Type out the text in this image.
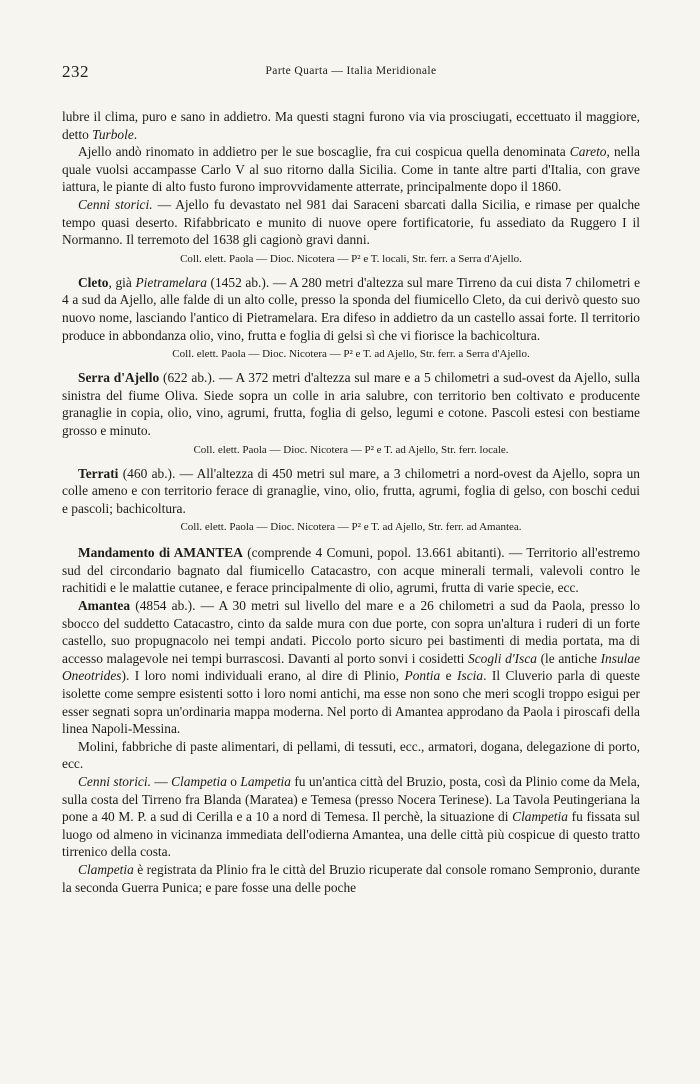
232	Parte Quarta — Italia Meridionale

lubre il clima, puro e sano in addietro. Ma questi stagni furono via via prosciugati, eccettuato il maggiore, detto Turbole.

Ajello andò rinomato in addietro per le sue boscaglie, fra cui cospicua quella denominata Careto, nella quale vuolsi accampasse Carlo V al suo ritorno dalla Sicilia. Come in tante altre parti d'Italia, con grave iattura, le piante di alto fusto furono improvvidamente atterrate, principalmente dopo il 1860.

Cenni storici. — Ajello fu devastato nel 981 dai Saraceni sbarcati dalla Sicilia, e rimase per qualche tempo quasi deserto. Rifabbricato e munito di nuove opere fortificatorie, fu assediato da Ruggero I il Normanno. Il terremoto del 1638 gli cagionò gravi danni.

Coll. elett. Paola — Dioc. Nicotera — P² e T. locali, Str. ferr. a Serra d'Ajello.

Cleto, già Pietramelara (1452 ab.). — A 280 metri d'altezza sul mare Tirreno da cui dista 7 chilometri e 4 a sud da Ajello, alle falde di un alto colle, presso la sponda del fiumicello Cleto, da cui derivò questo suo nuovo nome, lasciando l'antico di Pietramelara. Era difeso in addietro da un castello assai forte. Il territorio produce in abbondanza olio, vino, frutta e foglia di gelsi sì che vi fiorisce la bachicoltura.

Coll. elett. Paola — Dioc. Nicotera — P² e T. ad Ajello, Str. ferr. a Serra d'Ajello.

Serra d'Ajello (622 ab.). — A 372 metri d'altezza sul mare e a 5 chilometri a sud-ovest da Ajello, sulla sinistra del fiume Oliva. Siede sopra un colle in aria salubre, con territorio ben coltivato e producente granaglie in copia, olio, vino, agrumi, frutta, foglia di gelso, legumi e cotone. Pascoli estesi con bestiame grosso e minuto.

Coll. elett. Paola — Dioc. Nicotera — P² e T. ad Ajello, Str. ferr. locale.

Terrati (460 ab.). — All'altezza di 450 metri sul mare, a 3 chilometri a nord-ovest da Ajello, sopra un colle ameno e con territorio ferace di granaglie, vino, olio, frutta, agrumi, foglia di gelso, con boschi cedui e pascoli; bachicoltura.

Coll. elett. Paola — Dioc. Nicotera — P² e T. ad Ajello, Str. ferr. ad Amantea.

Mandamento di AMANTEA (comprende 4 Comuni, popol. 13.661 abitanti). — Territorio all'estremo sud del circondario bagnato dal fiumicello Catacastro, con acque minerali termali, valevoli contro le rachitidi e le malattie cutanee, e ferace principalmente di olio, agrumi, frutta di varie specie, ecc.

Amantea (4854 ab.). — A 30 metri sul livello del mare e a 26 chilometri a sud da Paola, presso lo sbocco del suddetto Catacastro, cinto da salde mura con due porte, con sopra un'altura i ruderi di un forte castello, suo propugnacolo nei tempi andati. Piccolo porto sicuro pei bastimenti di media portata, ma di accesso malagevole nei tempi burrascosi. Davanti al porto sonvi i cosidetti Scogli d'Isca (le antiche Insulae Oneotrides). I loro nomi individuali erano, al dire di Plinio, Pontia e Iscia. Il Cluverio parla di queste isolette come sempre esistenti sotto i loro nomi antichi, ma esse non sono che meri scogli troppo esigui per esser segnati sopra un'ordinaria mappa moderna. Nel porto di Amantea approdano da Paola i piroscafi della linea Napoli-Messina.

Molini, fabbriche di paste alimentari, di pellami, di tessuti, ecc., armatori, dogana, delegazione di porto, ecc.

Cenni storici. — Clampetia o Lampetia fu un'antica città del Bruzio, posta, così da Plinio come da Mela, sulla costa del Tirreno fra Blanda (Maratea) e Temesa (presso Nocera Terinese). La Tavola Peutingeriana la pone a 40 M. P. a sud di Cerilla e a 10 a nord di Temesa. Il perchè, la situazione di Clampetia fu fissata sul luogo od almeno in vicinanza immediata dell'odierna Amantea, una delle città più cospicue di questo tratto tirrenico della costa.

Clampetia è registrata da Plinio fra le città del Bruzio ricuperate dal console romano Sempronio, durante la seconda Guerra Punica; e pare fosse una delle poche
